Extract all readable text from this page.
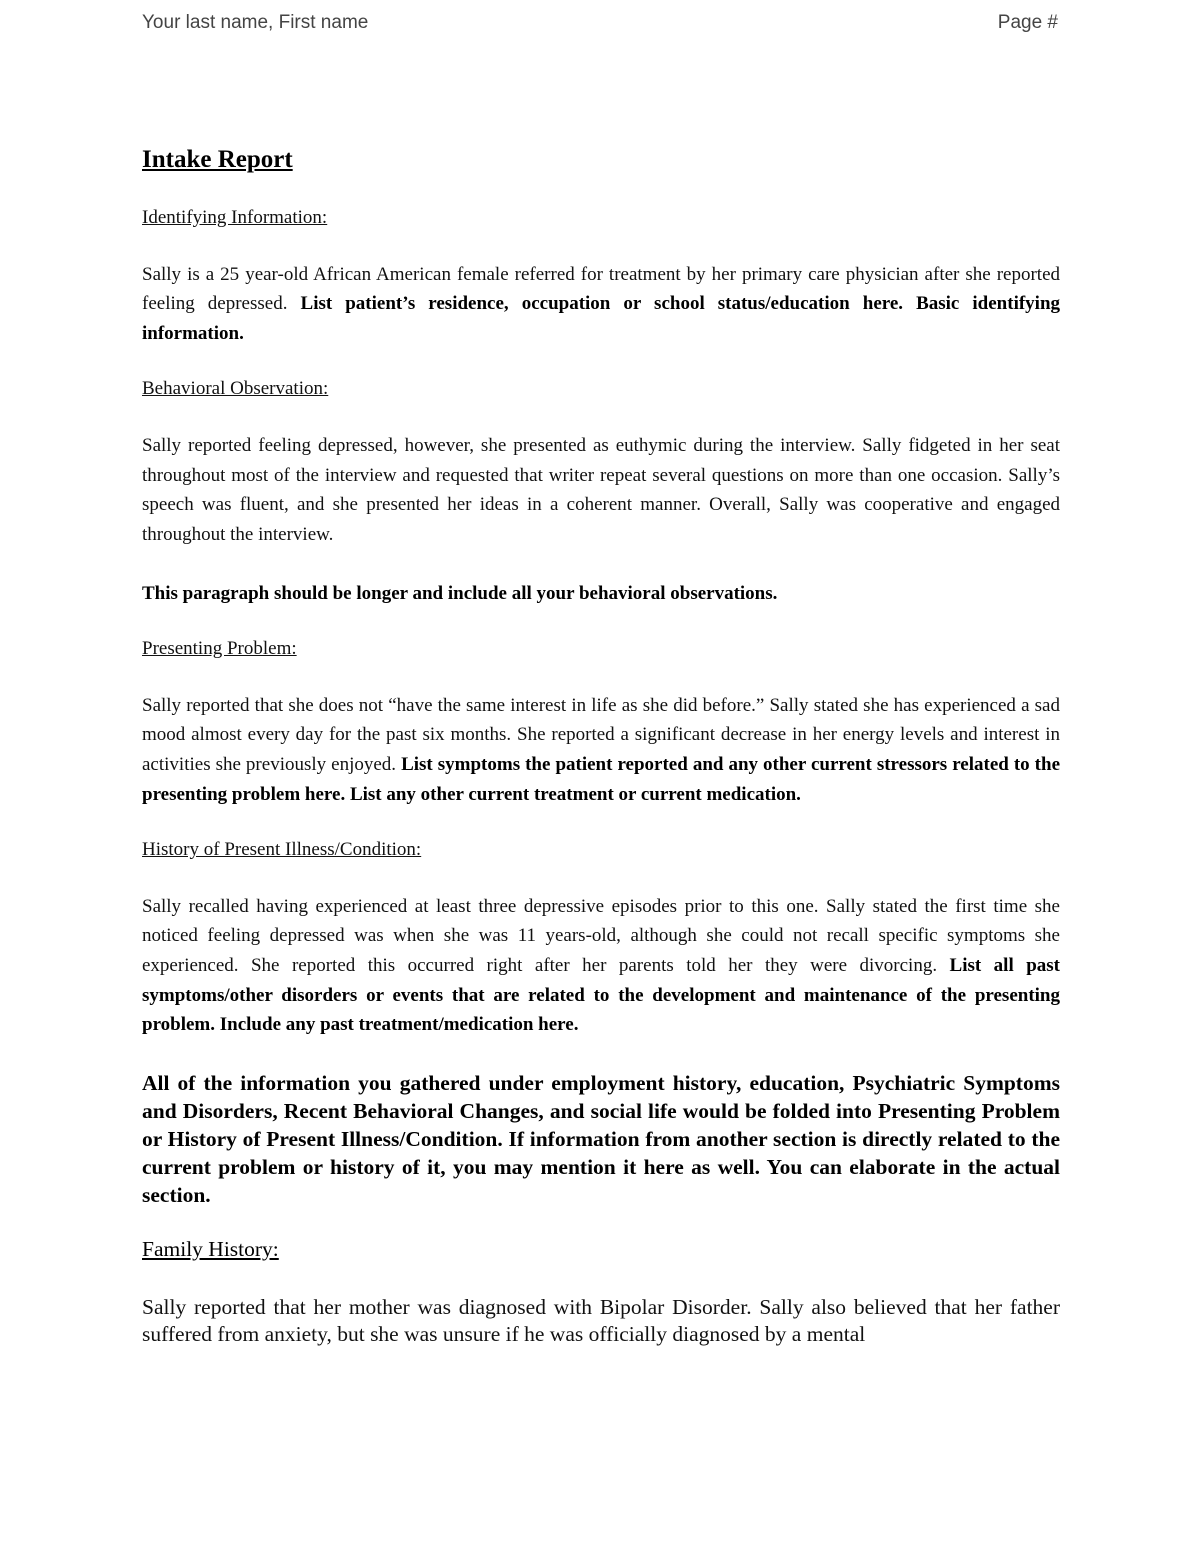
Your last name, First name	Page #
Intake Report
Identifying Information:

Sally is a 25 year-old African American female referred for treatment by her primary care physician after she reported feeling depressed. List patient’s residence, occupation or school status/education here. Basic identifying information.

Behavioral Observation:

Sally reported feeling depressed, however, she presented as euthymic during the interview. Sally fidgeted in her seat throughout most of the interview and requested that writer repeat several questions on more than one occasion. Sally’s speech was fluent, and she presented her ideas in a coherent manner. Overall, Sally was cooperative and engaged throughout the interview.

This paragraph should be longer and include all your behavioral observations.

Presenting Problem:

Sally reported that she does not “have the same interest in life as she did before.” Sally stated she has experienced a sad mood almost every day for the past six months. She reported a significant decrease in her energy levels and interest in activities she previously enjoyed. List symptoms the patient reported and any other current stressors related to the presenting problem here. List any other current treatment or current medication.

History of Present Illness/Condition:

Sally recalled having experienced at least three depressive episodes prior to this one. Sally stated the first time she noticed feeling depressed was when she was 11 years-old, although she could not recall specific symptoms she experienced. She reported this occurred right after her parents told her they were divorcing. List all past symptoms/other disorders or events that are related to the development and maintenance of the presenting problem. Include any past treatment/medication here.

All of the information you gathered under employment history, education, Psychiatric Symptoms and Disorders, Recent Behavioral Changes, and social life would be folded into Presenting Problem or History of Present Illness/Condition. If information from another section is directly related to the current problem or history of it, you may mention it here as well. You can elaborate in the actual section.

Family History:

Sally reported that her mother was diagnosed with Bipolar Disorder. Sally also believed that her father suffered from anxiety, but she was unsure if he was officially diagnosed by a mental
